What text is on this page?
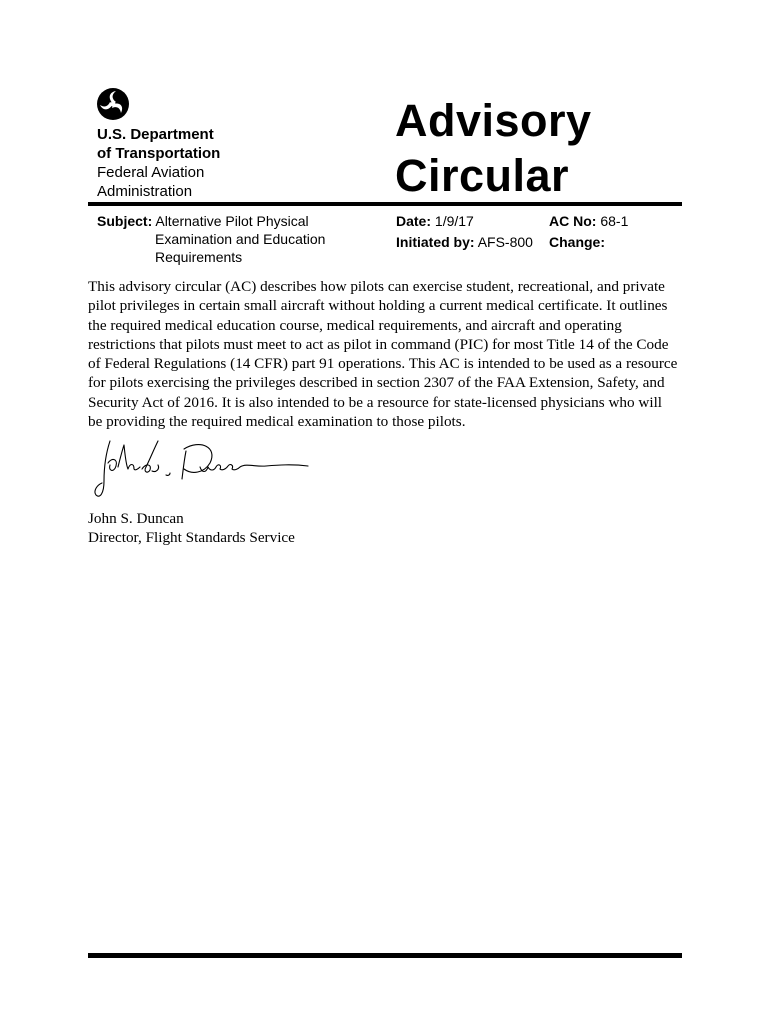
U.S. Department
of Transportation
Federal Aviation
Administration
Advisory
Circular
Subject: Alternative Pilot Physical
Examination and Education
Requirements
Date: 1/9/17
Initiated by: AFS-800
AC No: 68-1
Change:
This advisory circular (AC) describes how pilots can exercise student, recreational, and private
pilot privileges in certain small aircraft without holding a current medical certificate. It outlines
the required medical education course, medical requirements, and aircraft and operating
restrictions that pilots must meet to act as pilot in command (PIC) for most Title 14 of the Code
of Federal Regulations (14 CFR) part 91 operations. This AC is intended to be used as a resource
for pilots exercising the privileges described in section 2307 of the FAA Extension, Safety, and
Security Act of 2016. It is also intended to be a resource for state-licensed physicians who will
be providing the required medical examination to those pilots.
John S. Duncan
Director, Flight Standards Service
